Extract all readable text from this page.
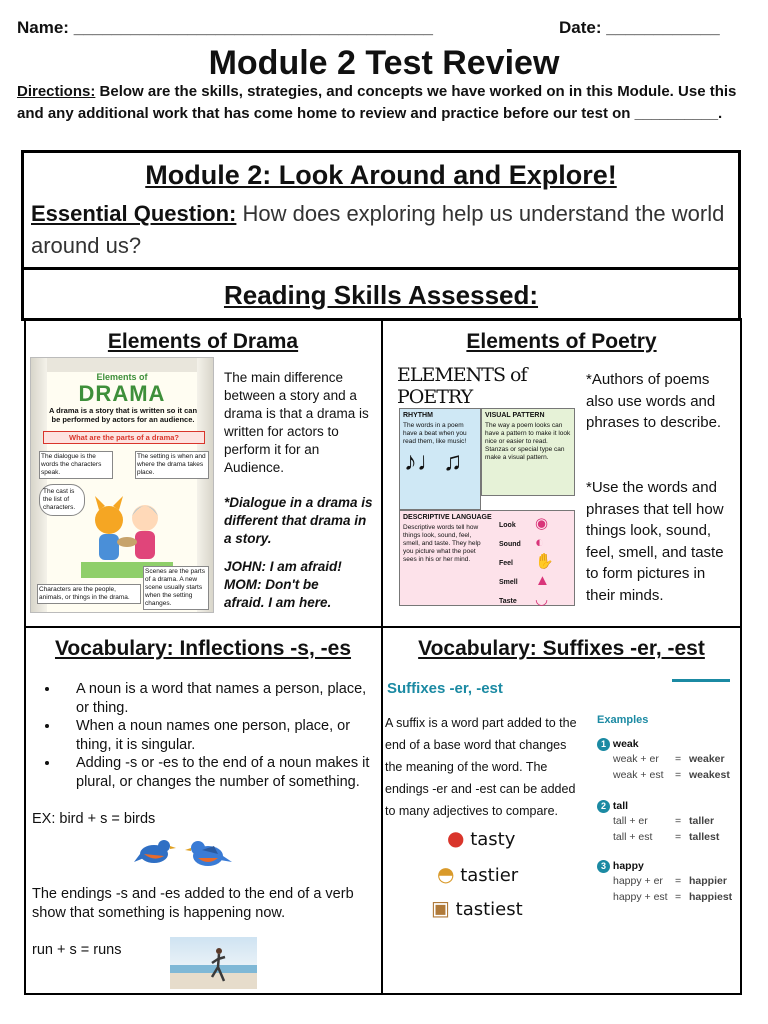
Name: ______________________________________	Date: ____________
Module 2 Test Review
Directions: Below are the skills, strategies, and concepts we have worked on in this Module. Use this and any additional work that has come home to review and practice before our test on __________.
Module 2: Look Around and Explore!
Essential Question: How does exploring help us understand the world around us?
Reading Skills Assessed:
Elements of Drama
Elements of
DRAMA
A drama is a story that is written so it can be performed by actors for an audience.
What are the parts of a drama?
The dialogue is the words the characters speak.
The setting is when and where the drama takes place.
The cast is the list of characters.
Characters are the people, animals, or things in the drama.
Scenes are the parts of a drama. A new scene usually starts when the setting changes.
The main difference between a story and a drama is that a drama is written for actors to perform it for an Audience.
*Dialogue in a drama is different that drama in a story.
JOHN: I am afraid!
MOM: Don't be afraid. I am here.
Elements of Poetry
ELEMENTS of POETRY
RHYTHM
The words in a poem have a beat when you read them, like music!
♪♩♫
VISUAL PATTERN
The way a poem looks can have a pattern to make it look nice or easier to read. Stanzas or special type can make a visual pattern.
DESCRIPTIVE LANGUAGE
Descriptive words tell how things look, sound, feel, smell, and taste. They help you picture what the poet sees in his or her mind.
Look
Sound
Feel
Smell
Taste
◉
◐
✋
▲
◡
*Authors of poems also use words and phrases to describe.
*Use the words and phrases that tell how things look, sound, feel, smell, and taste to form pictures in their minds.
Vocabulary: Inflections -s, -es
• A noun is a word that names a person, place, or thing.
• When a noun names one person, place, or thing, it is singular.
• Adding -s or -es to the end of a noun makes it plural, or changes the number of something.
EX: bird + s = birds
The endings -s and -es added to the end of a verb show that something is happening now.
run + s = runs
Vocabulary: Suffixes -er, -est
Suffixes -er, -est
A suffix is a word part added to the end of a base word that changes the meaning of the word. The endings -er and -est can be added to many adjectives to compare.
● tasty
◓ tastier
▣ tastiest
Examples
1 weak
weak + er = weaker
weak + est = weakest
2 tall
tall + er	= taller
tall + est = tallest
3 happy
happy + er = happier
happy + est = happiest
